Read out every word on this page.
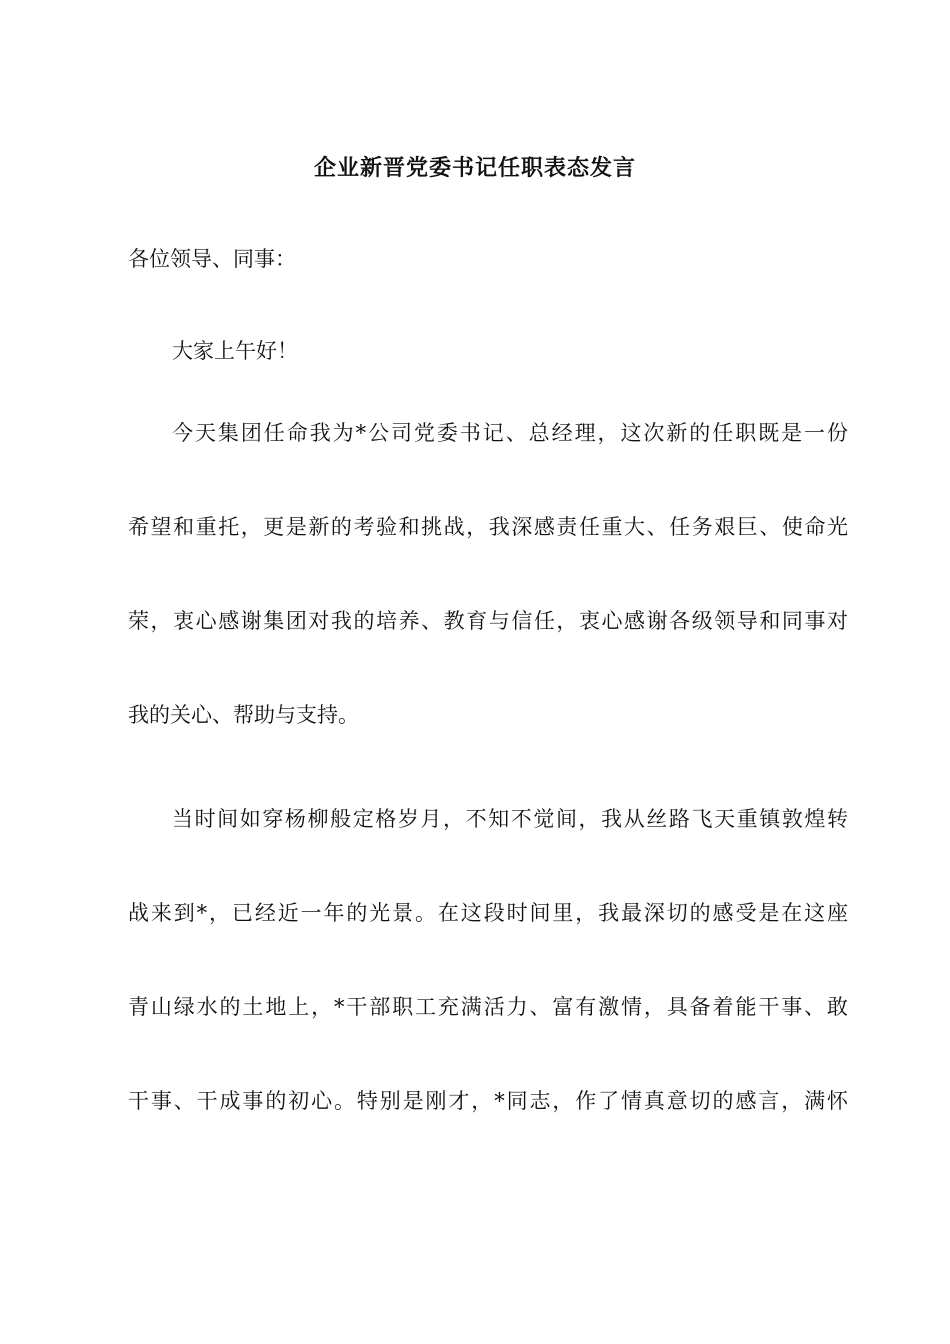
企业新晋党委书记任职表态发言
各位领导、同事：
大家上午好！
今天集团任命我为*公司党委书记、总经理，这次新的任职既是一份
希望和重托，更是新的考验和挑战，我深感责任重大、任务艰巨、使命光
荣，衷心感谢集团对我的培养、教育与信任，衷心感谢各级领导和同事对
我的关心、帮助与支持。
当时间如穿杨柳般定格岁月，不知不觉间，我从丝路飞天重镇敦煌转
战来到*，已经近一年的光景。在这段时间里，我最深切的感受是在这座
青山绿水的土地上，*干部职工充满活力、富有激情，具备着能干事、敢
干事、干成事的初心。特别是刚才，*同志，作了情真意切的感言，满怀
